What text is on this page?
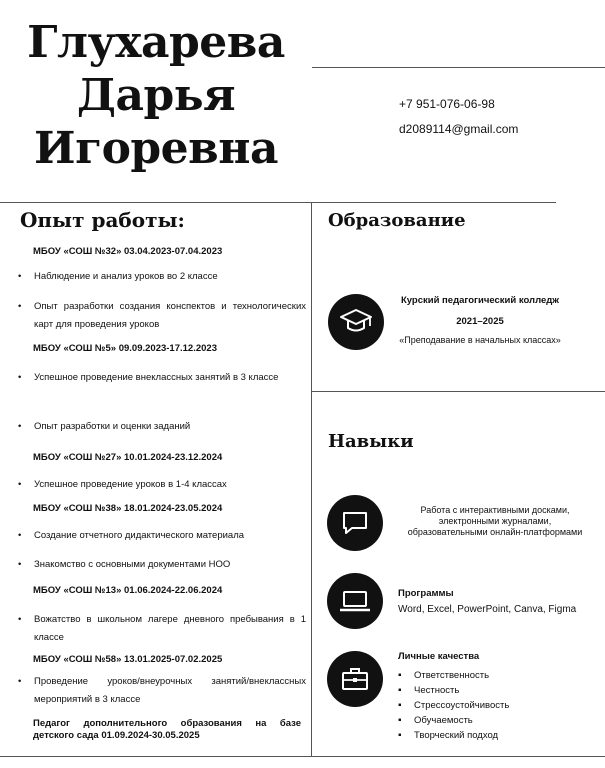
Глухарева
Дарья
Игоревна
+7 951-076-06-98
d2089114@gmail.com
Опыт работы:
МБОУ «СОШ №32» 03.04.2023-07.04.2023
•	Наблюдение и анализ уроков во 2 классе
•	Опыт разработки создания конспектов и технологических карт для проведения уроков
МБОУ «СОШ №5» 09.09.2023-17.12.2023
•	Успешное проведение внеклассных занятий в 3 классе
•	Опыт разработки и оценки заданий
МБОУ «СОШ №27» 10.01.2024-23.12.2024
•	Успешное проведение уроков в 1-4 классах
МБОУ «СОШ №38» 18.01.2024-23.05.2024
•	Создание отчетного дидактического материала
•	Знакомство с основными документами НОО
МБОУ «СОШ №13» 01.06.2024-22.06.2024
•	Вожатство в школьном лагере дневного пребывания в 1 классе
МБОУ «СОШ №58» 13.01.2025-07.02.2025
•	Проведение уроков/внеурочных занятий/внеклассных мероприятий в 3 классе
Педагог дополнительного образования на базе детского сада 01.09.2024-30.05.2025
Образование
Курский педагогический колледж
2021–2025
«Преподавание в начальных классах»
Навыки
Работа с интерактивными досками, электронными журналами, образовательными онлайн-платформами
Программы
Word, Excel, PowerPoint, Canva, Figma
Личные качества
▪ Ответственность
▪ Честность
▪ Стрессоустойчивость
▪ Обучаемость
▪ Творческий подход
